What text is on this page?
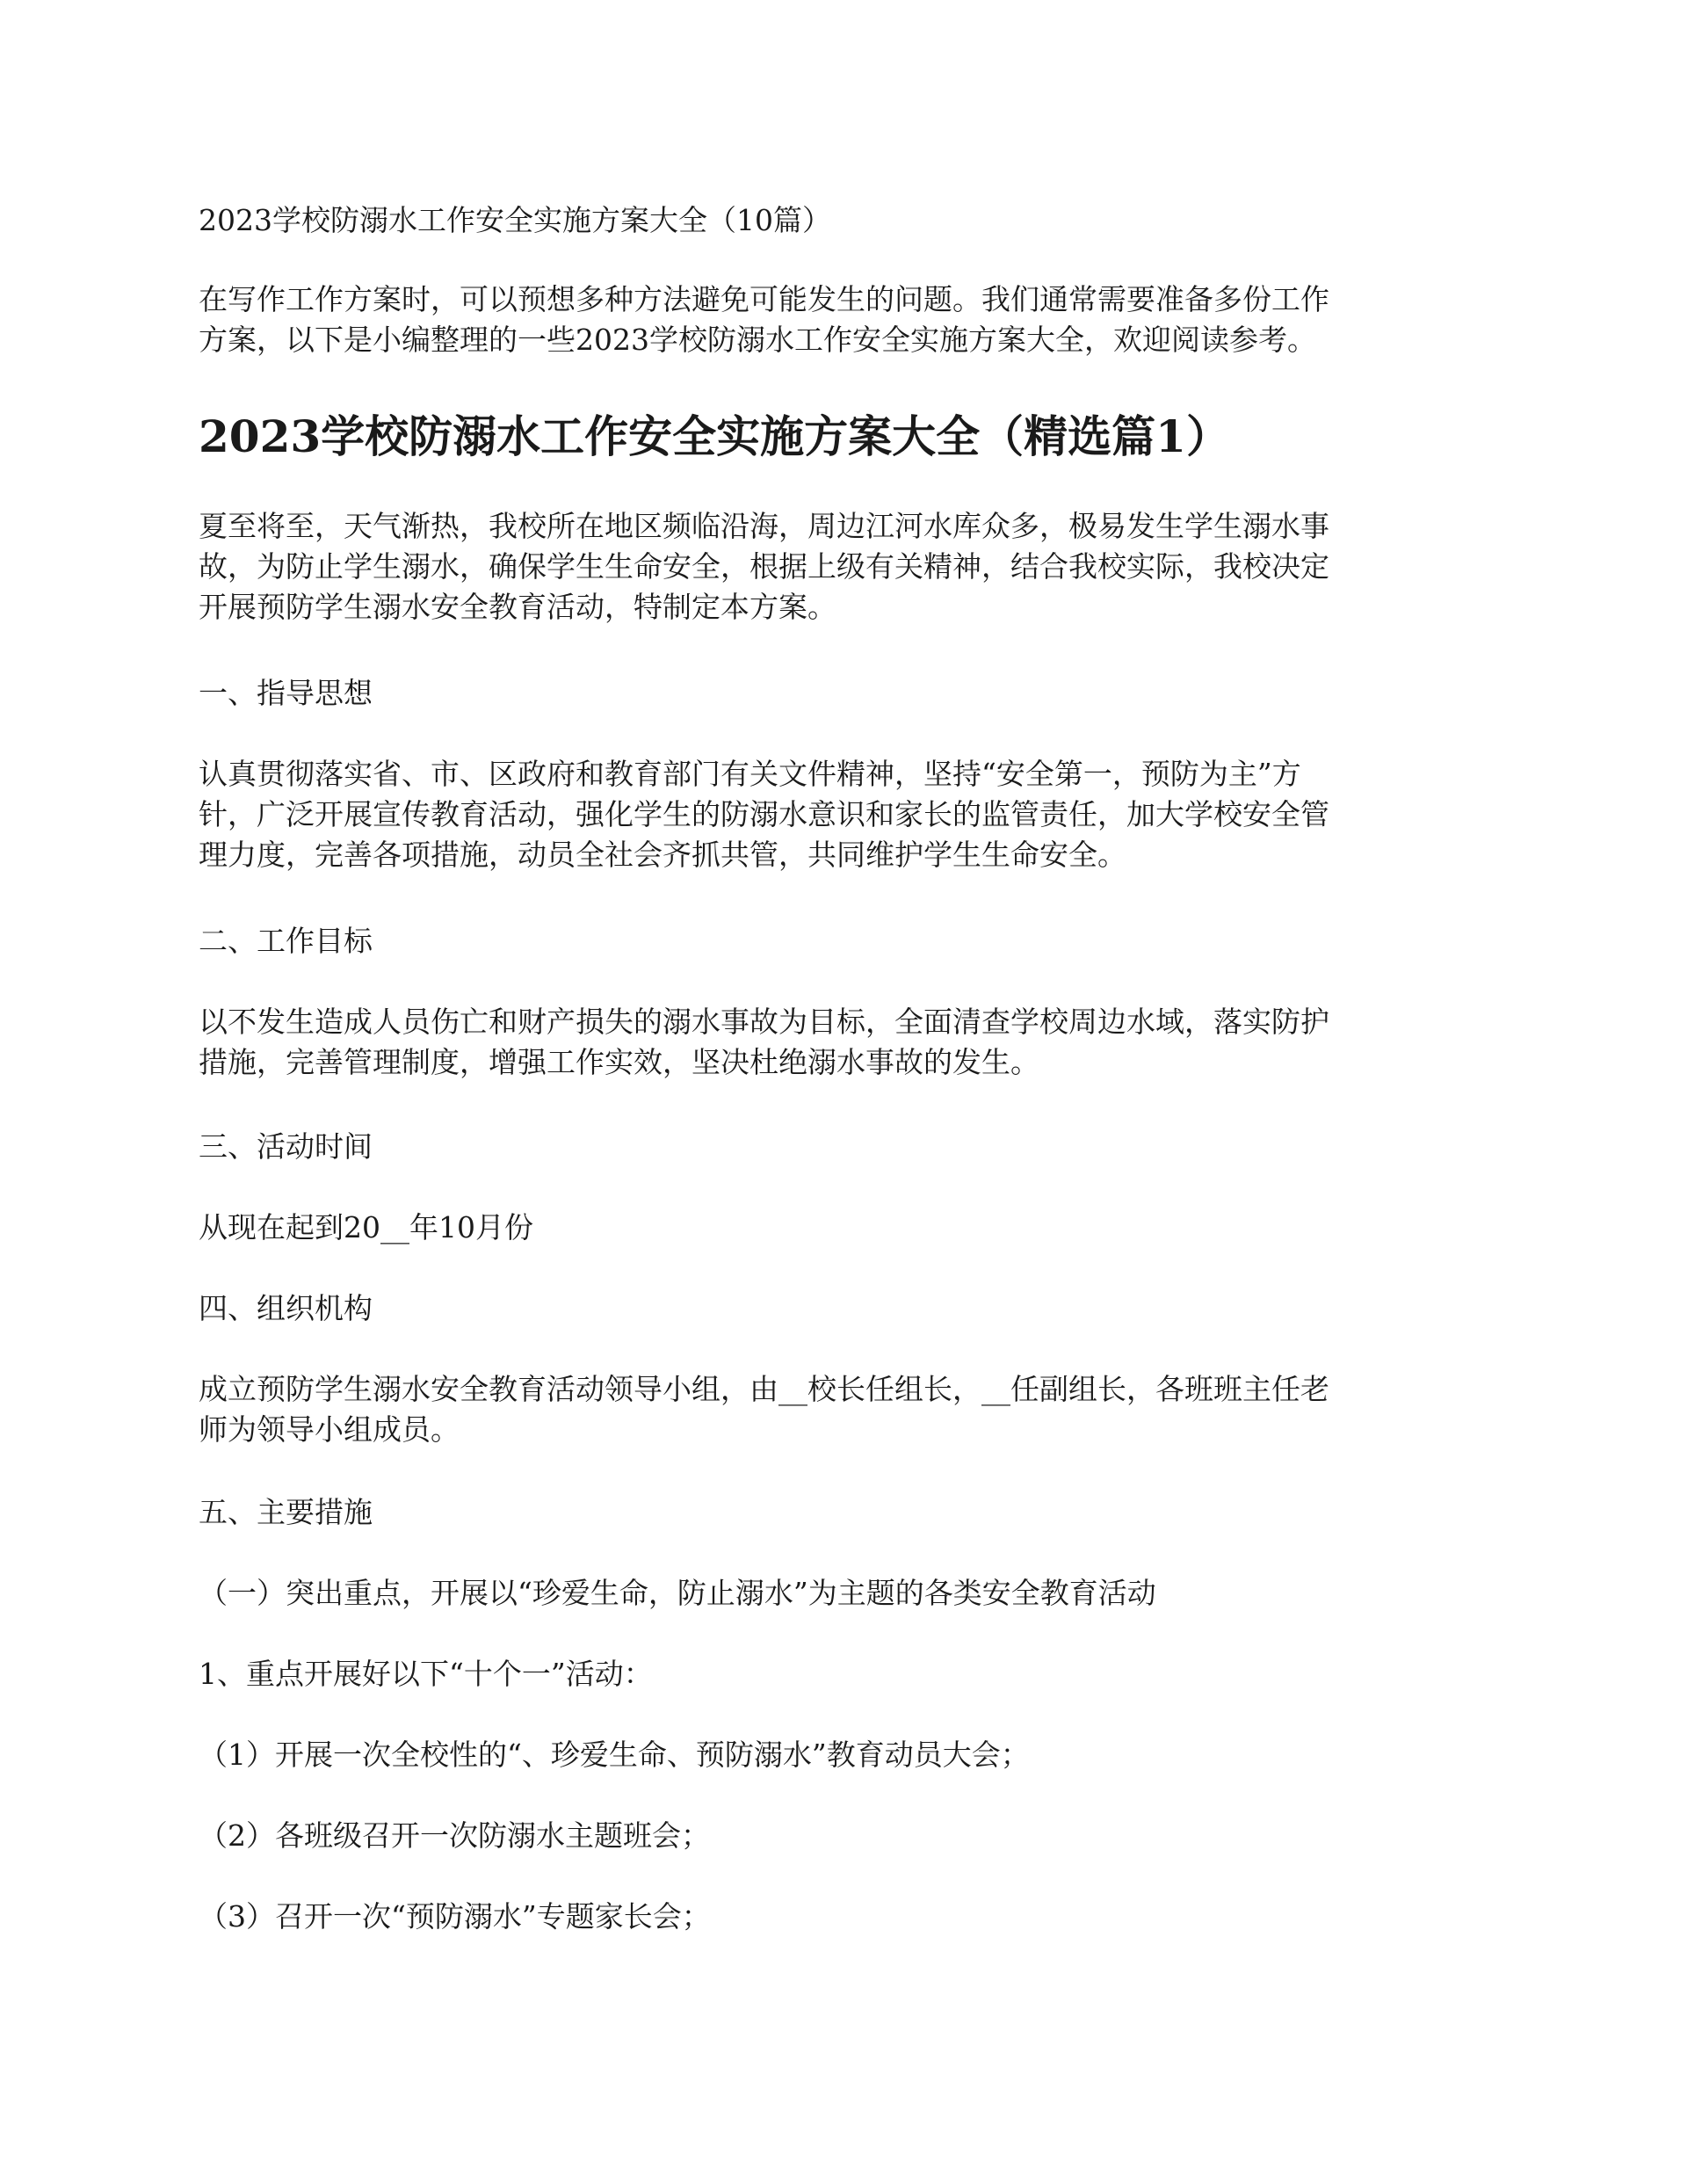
2023学校防溺水工作安全实施方案大全（10篇）

在写作工作方案时，可以预想多种方法避免可能发生的问题。我们通常需要准备多份工作

方案，以下是小编整理的一些2023学校防溺水工作安全实施方案大全，欢迎阅读参考。

2023学校防溺水工作安全实施方案大全（精选篇1）

夏至将至，天气渐热，我校所在地区频临沿海，周边江河水库众多，极易发生学生溺水事

故，为防止学生溺水，确保学生生命安全，根据上级有关精神，结合我校实际，我校决定

开展预防学生溺水安全教育活动，特制定本方案。

一、指导思想

认真贯彻落实省、市、区政府和教育部门有关文件精神，坚持“安全第一，预防为主”方

针，广泛开展宣传教育活动，强化学生的防溺水意识和家长的监管责任，加大学校安全管

理力度，完善各项措施，动员全社会齐抓共管，共同维护学生生命安全。

二、工作目标

以不发生造成人员伤亡和财产损失的溺水事故为目标，全面清查学校周边水域，落实防护

措施，完善管理制度，增强工作实效，坚决杜绝溺水事故的发生。

三、活动时间

从现在起到20__年10月份

四、组织机构

成立预防学生溺水安全教育活动领导小组，由__校长任组长，__任副组长，各班班主任老

师为领导小组成员。

五、主要措施

（一）突出重点，开展以“珍爱生命，防止溺水”为主题的各类安全教育活动

1、重点开展好以下“十个一”活动：

（1）开展一次全校性的“、珍爱生命、预防溺水”教育动员大会；

（2）各班级召开一次防溺水主题班会；

（3）召开一次“预防溺水”专题家长会；
